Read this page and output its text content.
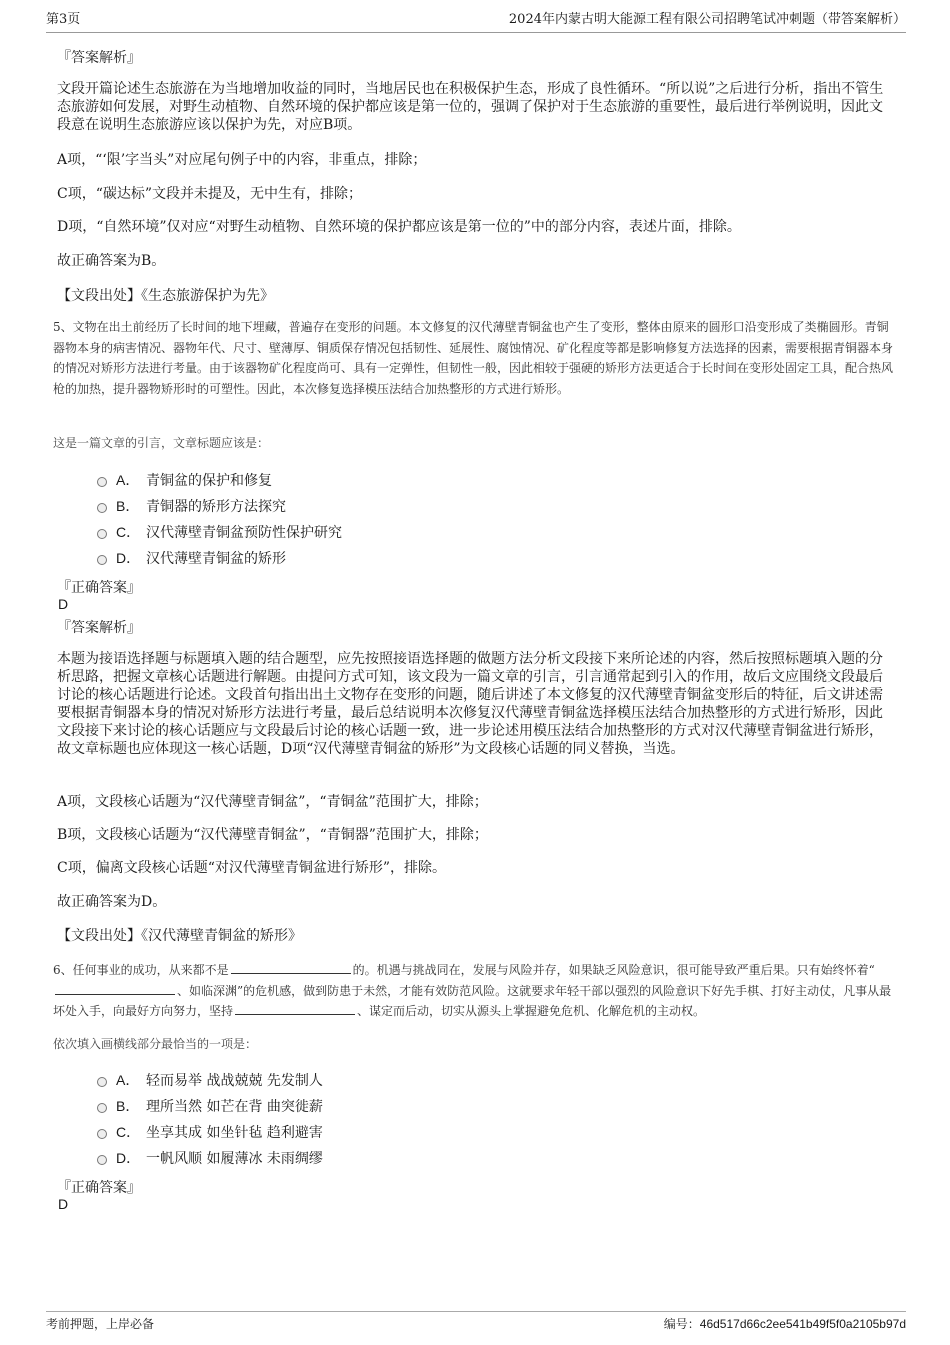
第3页	2024年内蒙古明大能源工程有限公司招聘笔试冲刺题（带答案解析）
『答案解析』
文段开篇论述生态旅游在为当地增加收益的同时，当地居民也在积极保护生态，形成了良性循环。“所以说”之后进行分析，指出不管生态旅游如何发展，对野生动植物、自然环境的保护都应该是第一位的，强调了保护对于生态旅游的重要性，最后进行举例说明，因此文段意在说明生态旅游应该以保护为先，对应B项。
A项，“‘限’字当头”对应尾句例子中的内容，非重点，排除；
C项，“碳达标”文段并未提及，无中生有，排除；
D项，“自然环境”仅对应“对野生动植物、自然环境的保护都应该是第一位的”中的部分内容，表述片面，排除。
故正确答案为B。
【文段出处】《生态旅游保护为先》
5、文物在出土前经历了长时间的地下埋藏，普遍存在变形的问题。本文修复的汉代薄壁青铜盆也产生了变形，整体由原来的圆形口沿变形成了类椭圆形。青铜器物本身的病害情况、器物年代、尺寸、壁薄厚、铜质保存情况包括韧性、延展性、腐蚀情况、矿化程度等都是影响修复方法选择的因素，需要根据青铜器本身的情况对矫形方法进行考量。由于该器物矿化程度尚可、具有一定弹性，但韧性一般，因此相较于强硬的矫形方法更适合于长时间在变形处固定工具，配合热风枪的加热，提升器物矫形时的可塑性。因此，本次修复选择模压法结合加热整形的方式进行矫形。
这是一篇文章的引言，文章标题应该是：
A． 青铜盆的保护和修复
B． 青铜器的矫形方法探究
C． 汉代薄壁青铜盆预防性保护研究
D． 汉代薄壁青铜盆的矫形
『正确答案』
D
『答案解析』
本题为接语选择题与标题填入题的结合题型，应先按照接语选择题的做题方法分析文段接下来所论述的内容，然后按照标题填入题的分析思路，把握文章核心话题进行解题。由提问方式可知，该文段为一篇文章的引言，引言通常起到引入的作用，故后文应围绕文段最后讨论的核心话题进行论述。文段首句指出出土文物存在变形的问题，随后讲述了本文修复的汉代薄壁青铜盆变形后的特征，后文讲述需要根据青铜器本身的情况对矫形方法进行考量，最后总结说明本次修复汉代薄壁青铜盆选择模压法结合加热整形的方式进行矫形，因此文段接下来讨论的核心话题应与文段最后讨论的核心话题一致，进一步论述用模压法结合加热整形的方式对汉代薄壁青铜盆进行矫形，故文章标题也应体现这一核心话题，D项“汉代薄壁青铜盆的矫形”为文段核心话题的同义替换，当选。
A项，文段核心话题为“汉代薄壁青铜盆”，“青铜盆”范围扩大，排除；
B项，文段核心话题为“汉代薄壁青铜盆”，“青铜器”范围扩大，排除；
C项，偏离文段核心话题“对汉代薄壁青铜盆进行矫形”，排除。
故正确答案为D。
【文段出处】《汉代薄壁青铜盆的矫形》
6、任何事业的成功，从来都不是	的。机遇与挑战同在，发展与风险并存，如果缺乏风险意识，很可能导致严重后果。只有始终怀着“、如临深渊”的危机感，做到防患于未然，才能有效防范风险。这就要求年轻干部以强烈的风险意识下好先手棋、打好主动仗，凡事从最坏处入手，向最好方向努力，坚持	、谋定而后动，切实从源头上掌握避免危机、化解危机的主动权。
依次填入画横线部分最恰当的一项是：
A． 轻而易举 战战兢兢 先发制人
B． 理所当然 如芒在背 曲突徙薪
C． 坐享其成 如坐针毡 趋利避害
D． 一帆风顺 如履薄冰 未雨绸缪
『正确答案』
D
考前押题，上岸必备	编号：46d517d66c2ee541b49f5f0a2105b97d
